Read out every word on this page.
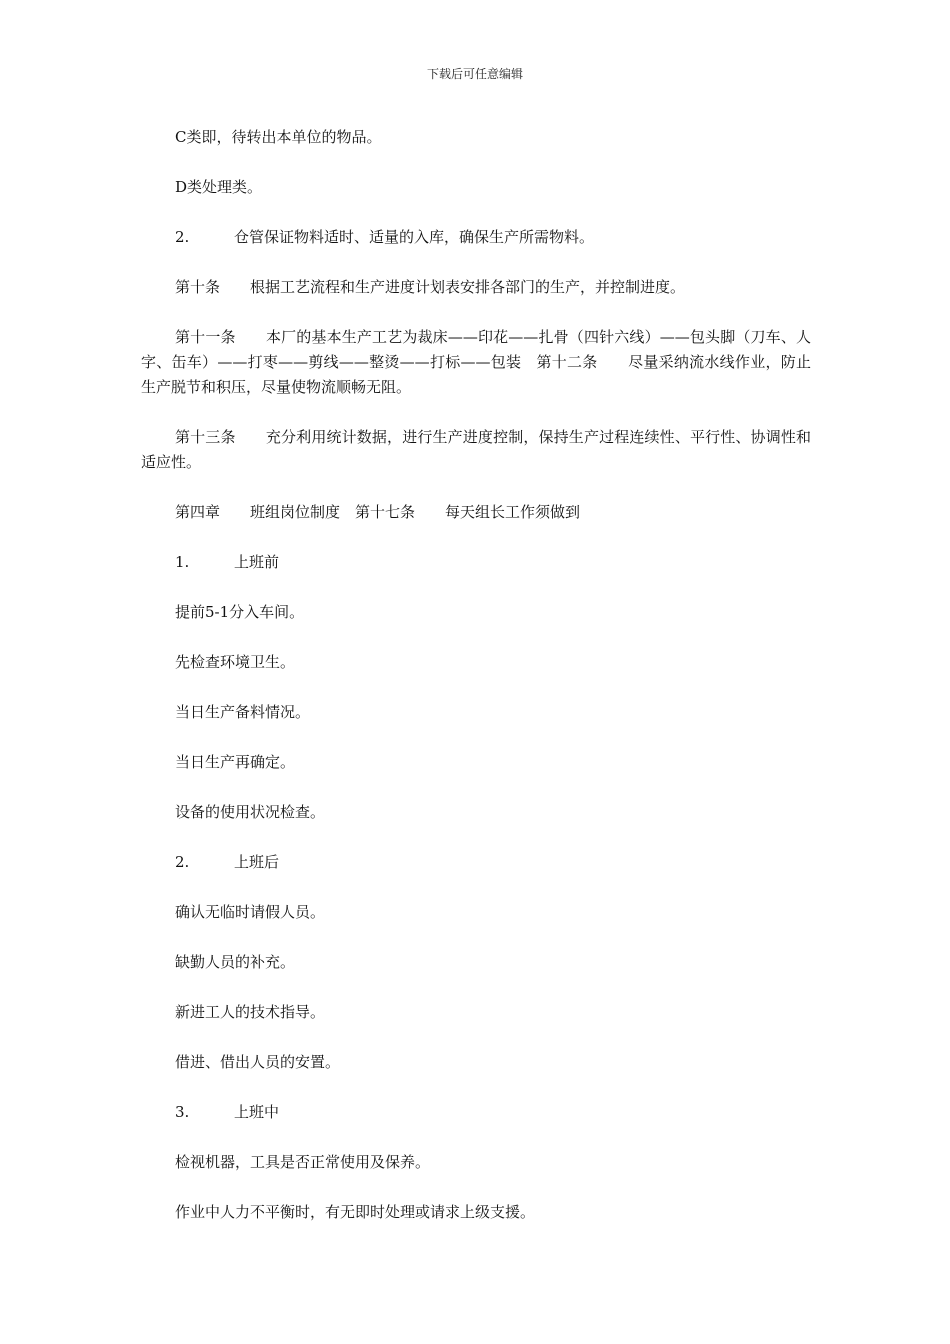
下载后可任意编辑

C类即，待转出本单位的物品。

D类处理类。

2.	仓管保证物料适时、适量的入库，确保生产所需物料。

第十条　　根据工艺流程和生产进度计划表安排各部门的生产，并控制进度。

第十一条　　本厂的基本生产工艺为裁床——印花——扎骨（四针六线）——包头脚（刀车、人字、缶车）——打枣——剪线——整烫——打标——包装　第十二条　　尽量采纳流水线作业，防止生产脱节和积压，尽量使物流顺畅无阻。

第十三条　　充分利用统计数据，进行生产进度控制，保持生产过程连续性、平行性、协调性和适应性。

第四章　　班组岗位制度　第十七条　　每天组长工作须做到

1.	上班前

提前5-1分入车间。

先检查环境卫生。

当日生产备料情况。

当日生产再确定。

设备的使用状况检查。

2.	上班后

确认无临时请假人员。

缺勤人员的补充。

新进工人的技术指导。

借进、借出人员的安置。

3.	上班中

检视机器，工具是否正常使用及保养。

作业中人力不平衡时，有无即时处理或请求上级支援。
